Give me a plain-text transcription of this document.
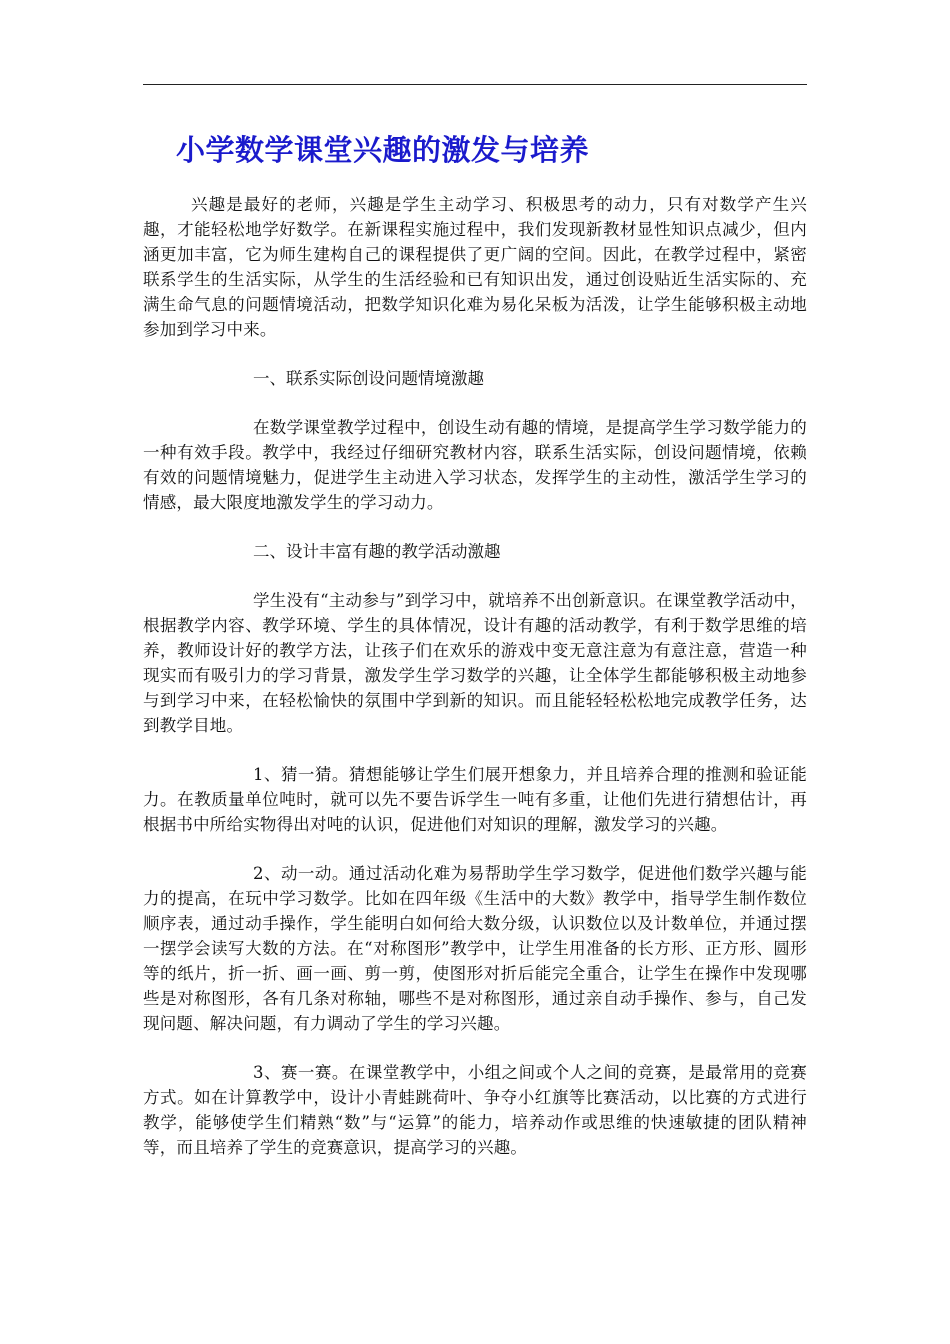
小学数学课堂兴趣的激发与培养

兴趣是最好的老师，兴趣是学生主动学习、积极思考的动力，只有对数学产生兴趣，才能轻松地学好数学。在新课程实施过程中，我们发现新教材显性知识点减少，但内涵更加丰富，它为师生建构自己的课程提供了更广阔的空间。因此，在教学过程中，紧密联系学生的生活实际，从学生的生活经验和已有知识出发，通过创设贴近生活实际的、充满生命气息的问题情境活动，把数学知识化难为易化呆板为活泼，让学生能够积极主动地参加到学习中来。

一、联系实际创设问题情境激趣

在数学课堂教学过程中，创设生动有趣的情境，是提高学生学习数学能力的一种有效手段。教学中，我经过仔细研究教材内容，联系生活实际，创设问题情境，依赖有效的问题情境魅力，促进学生主动进入学习状态，发挥学生的主动性，激活学生学习的情感，最大限度地激发学生的学习动力。

二、设计丰富有趣的教学活动激趣

学生没有“主动参与”到学习中，就培养不出创新意识。在课堂教学活动中，根据教学内容、教学环境、学生的具体情况，设计有趣的活动教学，有利于数学思维的培养，教师设计好的教学方法，让孩子们在欢乐的游戏中变无意注意为有意注意，营造一种现实而有吸引力的学习背景，激发学生学习数学的兴趣，让全体学生都能够积极主动地参与到学习中来，在轻松愉快的氛围中学到新的知识。而且能轻轻松松地完成教学任务，达到教学目地。

1、猜一猜。猜想能够让学生们展开想象力，并且培养合理的推测和验证能力。在教质量单位吨时，就可以先不要告诉学生一吨有多重，让他们先进行猜想估计，再根据书中所给实物得出对吨的认识，促进他们对知识的理解，激发学习的兴趣。

2、动一动。通过活动化难为易帮助学生学习数学，促进他们数学兴趣与能力的提高，在玩中学习数学。比如在四年级《生活中的大数》教学中，指导学生制作数位顺序表，通过动手操作，学生能明白如何给大数分级，认识数位以及计数单位，并通过摆一摆学会读写大数的方法。在“对称图形”教学中，让学生用准备的长方形、正方形、圆形等的纸片，折一折、画一画、剪一剪，使图形对折后能完全重合，让学生在操作中发现哪些是对称图形，各有几条对称轴，哪些不是对称图形，通过亲自动手操作、参与，自己发现问题、解决问题，有力调动了学生的学习兴趣。

3、赛一赛。在课堂教学中，小组之间或个人之间的竞赛，是最常用的竞赛方式。如在计算教学中，设计小青蛙跳荷叶、争夺小红旗等比赛活动，以比赛的方式进行教学，能够使学生们精熟“数”与“运算”的能力，培养动作或思维的快速敏捷的团队精神等，而且培养了学生的竞赛意识，提高学习的兴趣。
